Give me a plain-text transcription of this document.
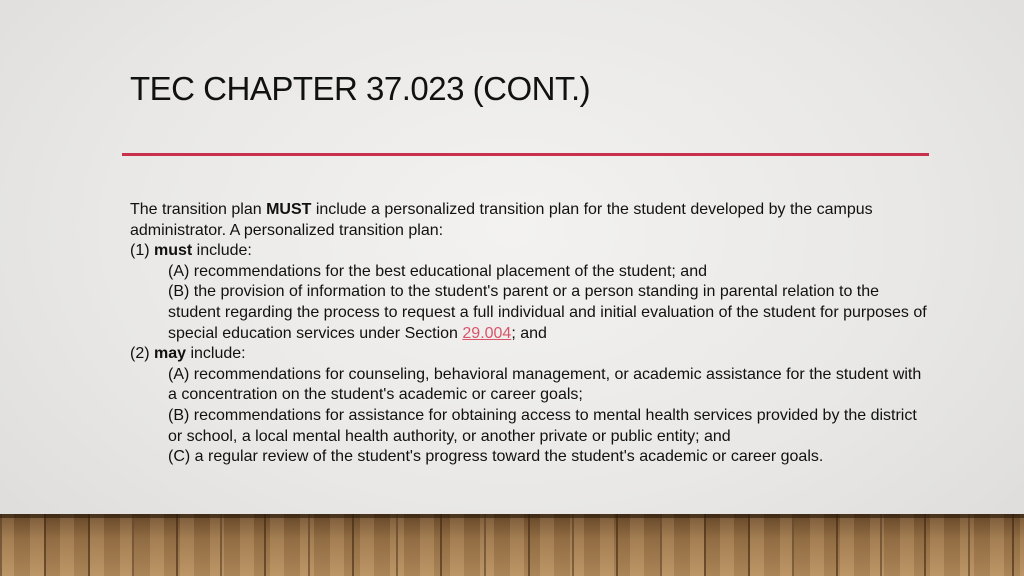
TEC CHAPTER 37.023 (CONT.)

The transition plan MUST include a personalized transition plan for the student developed by the campus administrator. A personalized transition plan:

(1) must include:

(A) recommendations for the best educational placement of the student; and

(B) the provision of information to the student's parent or a person standing in parental relation to the student regarding the process to request a full individual and initial evaluation of the student for purposes of special education services under Section 29.004; and

(2) may include:

(A) recommendations for counseling, behavioral management, or academic assistance for the student with a concentration on the student's academic or career goals;

(B) recommendations for assistance for obtaining access to mental health services provided by the district or school, a local mental health authority, or another private or public entity; and

(C) a regular review of the student's progress toward the student's academic or career goals.
